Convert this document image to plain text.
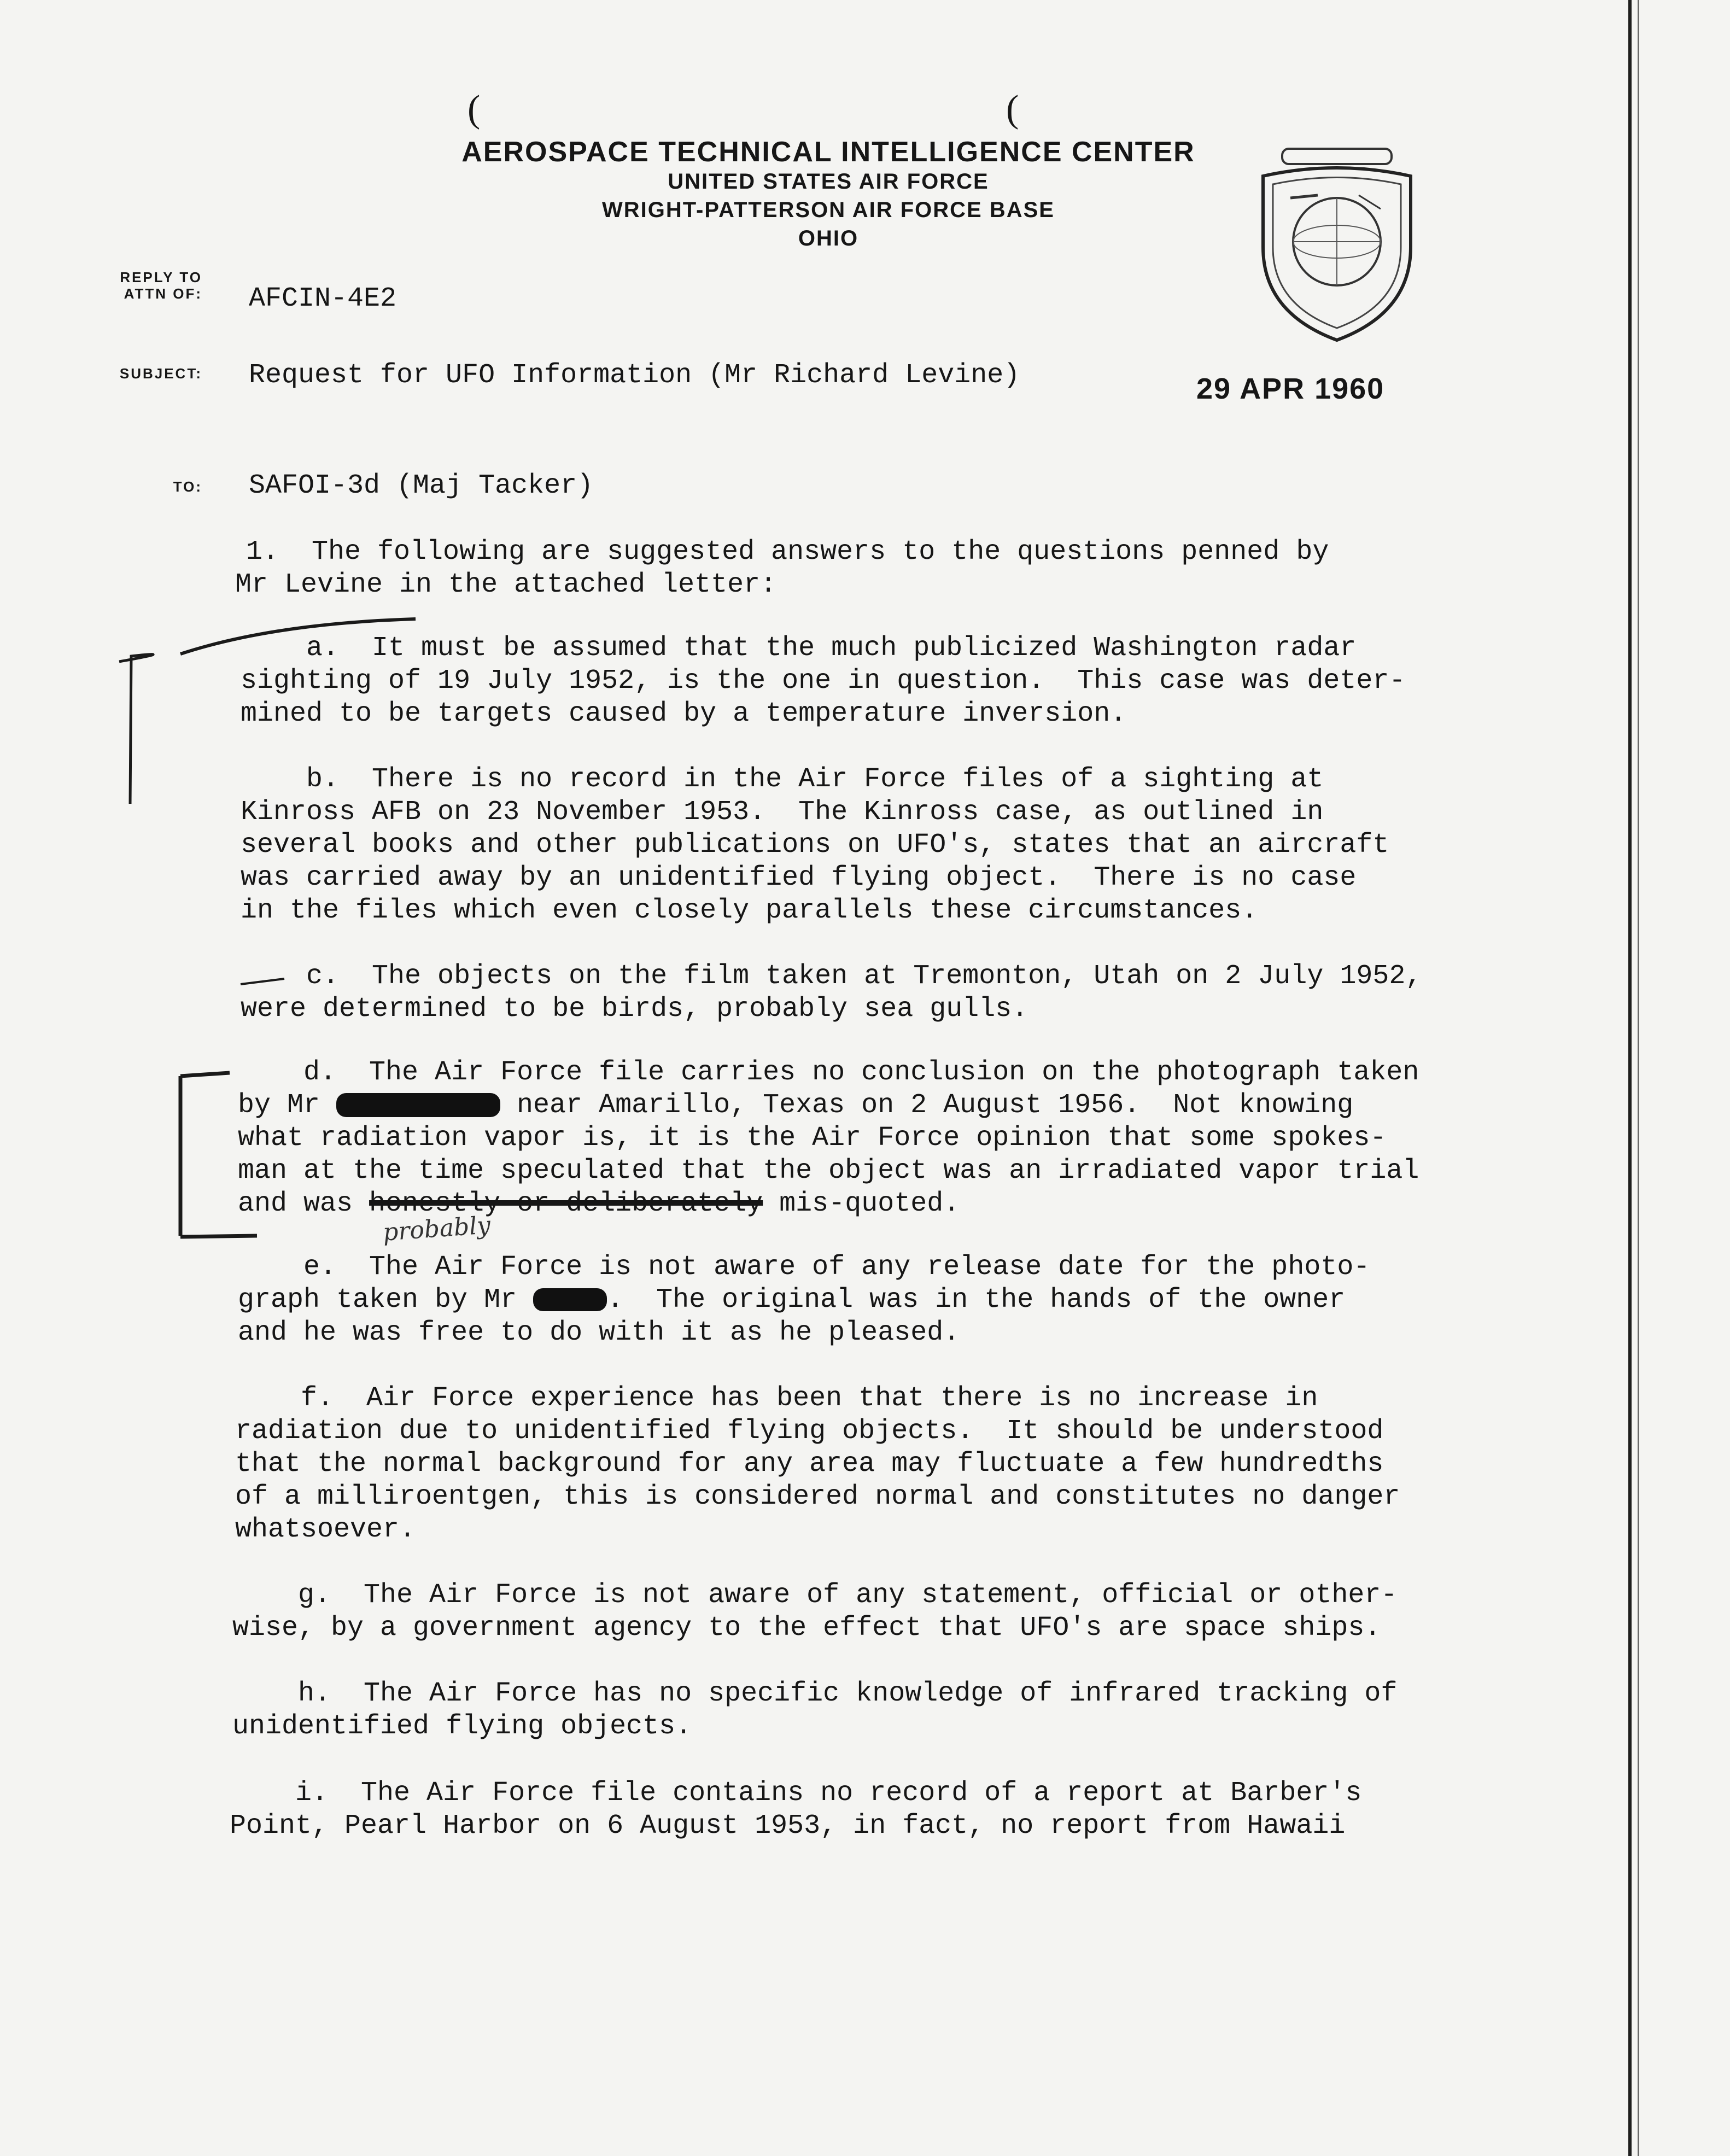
(	(
AEROSPACE TECHNICAL INTELLIGENCE CENTER
UNITED STATES AIR FORCE
WRIGHT-PATTERSON AIR FORCE BASE
OHIO
REPLY TO
ATTN OF: AFCIN-4E2
SUBJECT: Request for UFO Information (Mr Richard Levine)	29 APR 1960
TO: SAFOI-3d (Maj Tacker)

1.  The following are suggested answers to the questions penned by

Mr Levine in the attached letter:

a.  It must be assumed that the much publicized Washington radar

sighting of 19 July 1952, is the one in question.  This case was deter-

mined to be targets caused by a temperature inversion.

b.  There is no record in the Air Force files of a sighting at

Kinross AFB on 23 November 1953.  The Kinross case, as outlined in

several books and other publications on UFO's, states that an aircraft

was carried away by an unidentified flying object.  There is no case

in the files which even closely parallels these circumstances.

c.  The objects on the film taken at Tremonton, Utah on 2 July 1952,

were determined to be birds, probably sea gulls.

d.  The Air Force file carries no conclusion on the photograph taken

by Mr	near Amarillo, Texas on 2 August 1956.  Not knowing

what radiation vapor is, it is the Air Force opinion that some spokes-

man at the time speculated that the object was an irradiated vapor trial

and was honestly or deliberately mis-quoted.

probably

e.  The Air Force is not aware of any release date for the photo-

graph taken by Mr	.  The original was in the hands of the owner

and he was free to do with it as he pleased.

f.  Air Force experience has been that there is no increase in

radiation due to unidentified flying objects.  It should be understood

that the normal background for any area may fluctuate a few hundredths

of a milliroentgen, this is considered normal and constitutes no danger

whatsoever.

g.  The Air Force is not aware of any statement, official or other-

wise, by a government agency to the effect that UFO's are space ships.

h.  The Air Force has no specific knowledge of infrared tracking of

unidentified flying objects.

i.  The Air Force file contains no record of a report at Barber's

Point, Pearl Harbor on 6 August 1953, in fact, no report from Hawaii
